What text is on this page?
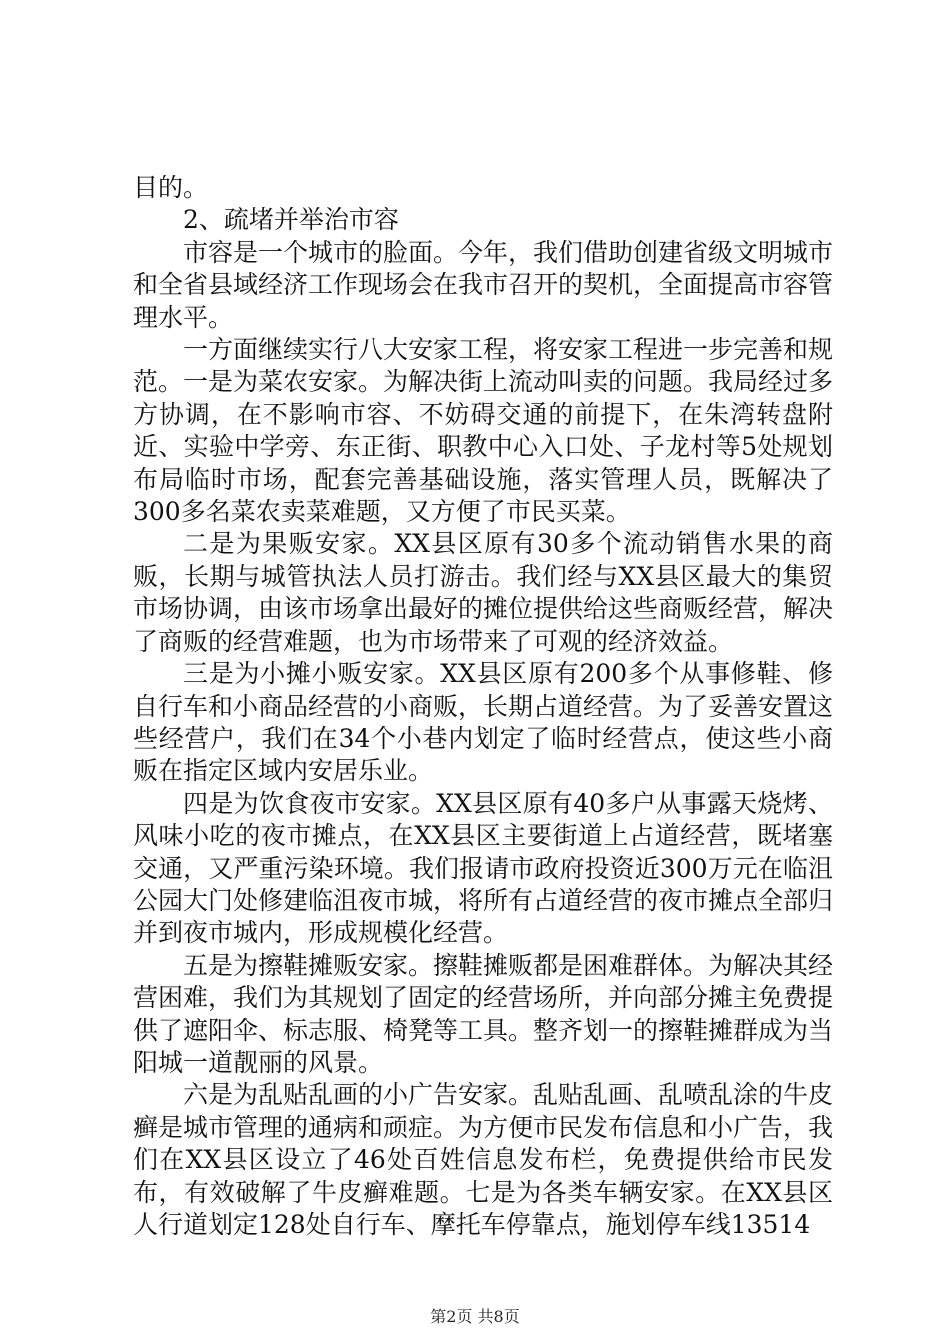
目的。

2、疏堵并举治市容

市容是一个城市的脸面。今年，我们借助创建省级文明城市和全省县域经济工作现场会在我市召开的契机，全面提高市容管理水平。

一方面继续实行八大安家工程，将安家工程进一步完善和规范。一是为菜农安家。为解决街上流动叫卖的问题。我局经过多方协调，在不影响市容、不妨碍交通的前提下，在朱湾转盘附近、实验中学旁、东正街、职教中心入口处、子龙村等5处规划布局临时市场，配套完善基础设施，落实管理人员，既解决了300多名菜农卖菜难题，又方便了市民买菜。

二是为果贩安家。XX县区原有30多个流动销售水果的商贩，长期与城管执法人员打游击。我们经与XX县区最大的集贸市场协调，由该市场拿出最好的摊位提供给这些商贩经营，解决了商贩的经营难题，也为市场带来了可观的经济效益。

三是为小摊小贩安家。XX县区原有200多个从事修鞋、修自行车和小商品经营的小商贩，长期占道经营。为了妥善安置这些经营户，我们在34个小巷内划定了临时经营点，使这些小商贩在指定区域内安居乐业。

四是为饮食夜市安家。XX县区原有40多户从事露天烧烤、风味小吃的夜市摊点，在XX县区主要街道上占道经营，既堵塞交通，又严重污染环境。我们报请市政府投资近300万元在临沮公园大门处修建临沮夜市城，将所有占道经营的夜市摊点全部归并到夜市城内，形成规模化经营。

五是为擦鞋摊贩安家。擦鞋摊贩都是困难群体。为解决其经营困难，我们为其规划了固定的经营场所，并向部分摊主免费提供了遮阳伞、标志服、椅凳等工具。整齐划一的擦鞋摊群成为当阳城一道靓丽的风景。

六是为乱贴乱画的小广告安家。乱贴乱画、乱喷乱涂的牛皮癣是城市管理的通病和顽症。为方便市民发布信息和小广告，我们在XX县区设立了46处百姓信息发布栏，免费提供给市民发布，有效破解了牛皮癣难题。七是为各类车辆安家。在XX县区人行道划定128处自行车、摩托车停靠点，施划停车线13514

第2页 共8页
